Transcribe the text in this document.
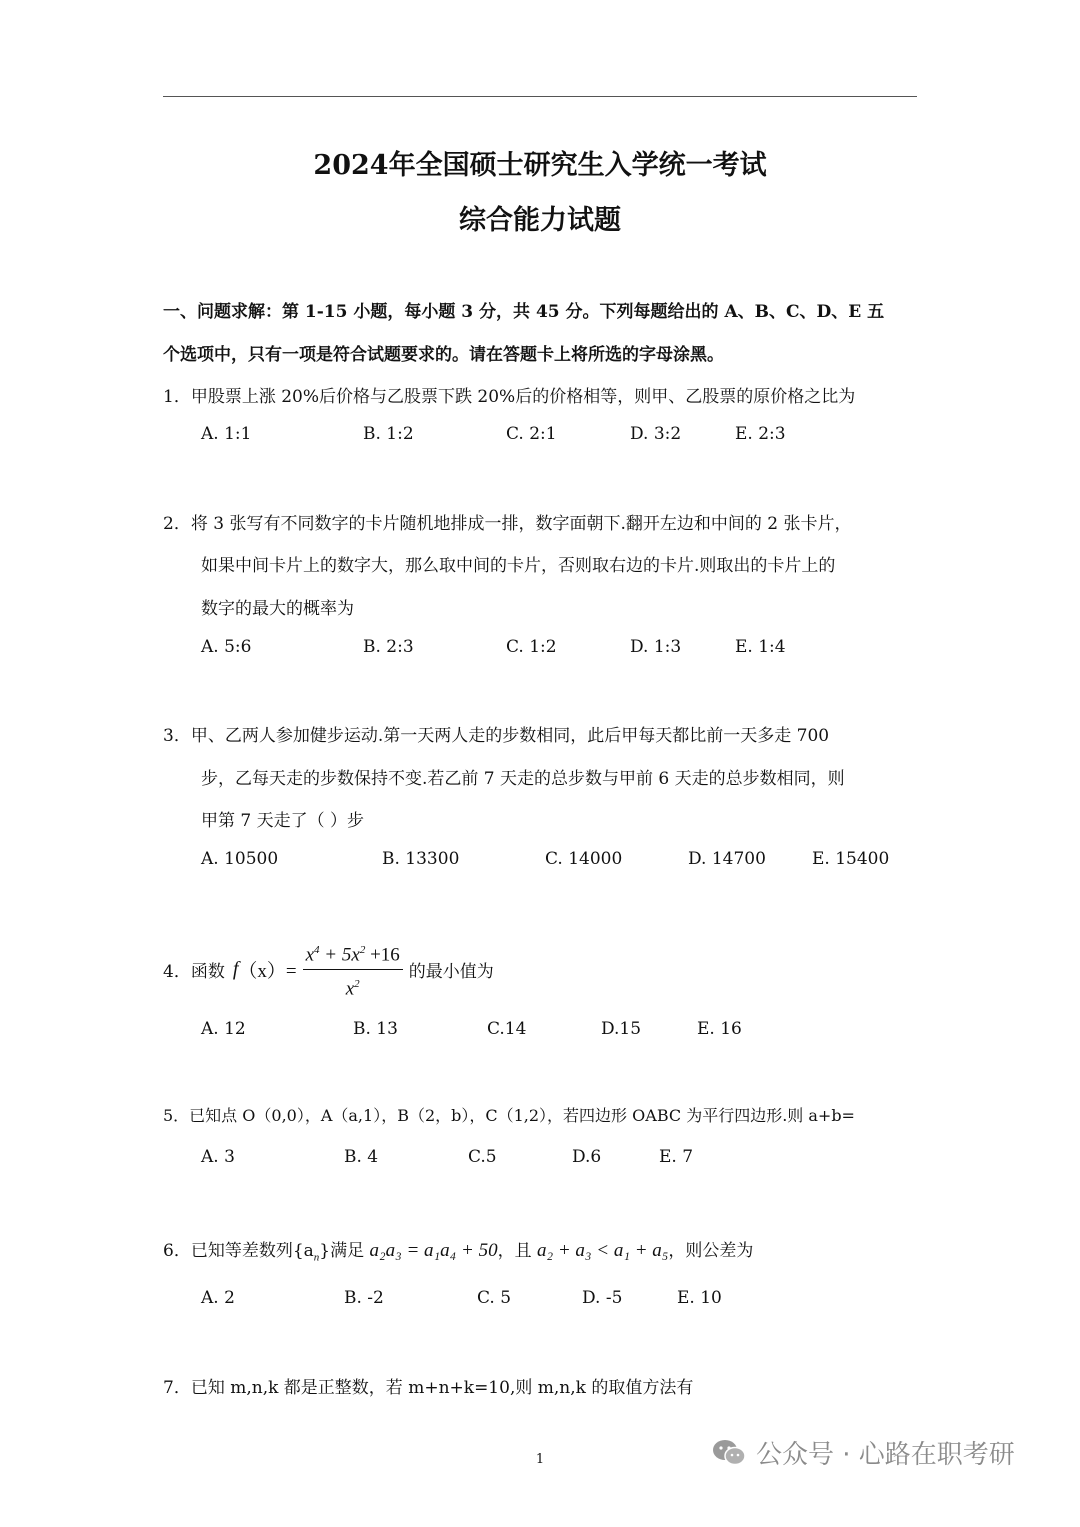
2024年全国硕士研究生入学统一考试
综合能力试题
一、问题求解：第 1-15 小题，每小题 3 分，共 45 分。下列每题给出的 A、B、C、D、E 五
个选项中，只有一项是符合试题要求的。请在答题卡上将所选的字母涂黑。
1．甲股票上涨 20%后价格与乙股票下跌 20%后的价格相等，则甲、乙股票的原价格之比为
A. 1:1	B. 1:2	C. 2:1	D. 3:2	E. 2:3
2．将 3 张写有不同数字的卡片随机地排成一排，数字面朝下.翻开左边和中间的 2 张卡片，
如果中间卡片上的数字大，那么取中间的卡片，否则取右边的卡片.则取出的卡片上的
数字的最大的概率为
A. 5:6	B. 2:3	C. 1:2	D. 1:3	E. 1:4
3．甲、乙两人参加健步运动.第一天两人走的步数相同，此后甲每天都比前一天多走 700
步，乙每天走的步数保持不变.若乙前 7 天走的总步数与甲前 6 天走的总步数相同，则
甲第 7 天走了（ ）步
A. 10500	B. 13300	C. 14000	D. 14700	E. 15400
4．函数 f $(x)= \frac{x^4 + 5x^2 +16}{x^2}$ 的最小值为
A. 12	B. 13	C.14	D.15	E. 16
5．已知点 O（0,0），A（a,1），B（2，b），C（1,2），若四边形 OABC 为平行四边形.则 a+b=
A. 3	B. 4	C.5	D.6	E. 7
6．已知等差数列$\{a_n\}$满足 a₂a₃ = a₁a₄ + 50，且 a₂ + a₃ < a₁ + a₅，则公差为
A. 2	B. -2	C. 5	D. -5	E. 10
7．已知 m,n,k 都是正整数，若 m+n+k=10,则 m,n,k 的取值方法有
1	公众号 · 心路在职考研
